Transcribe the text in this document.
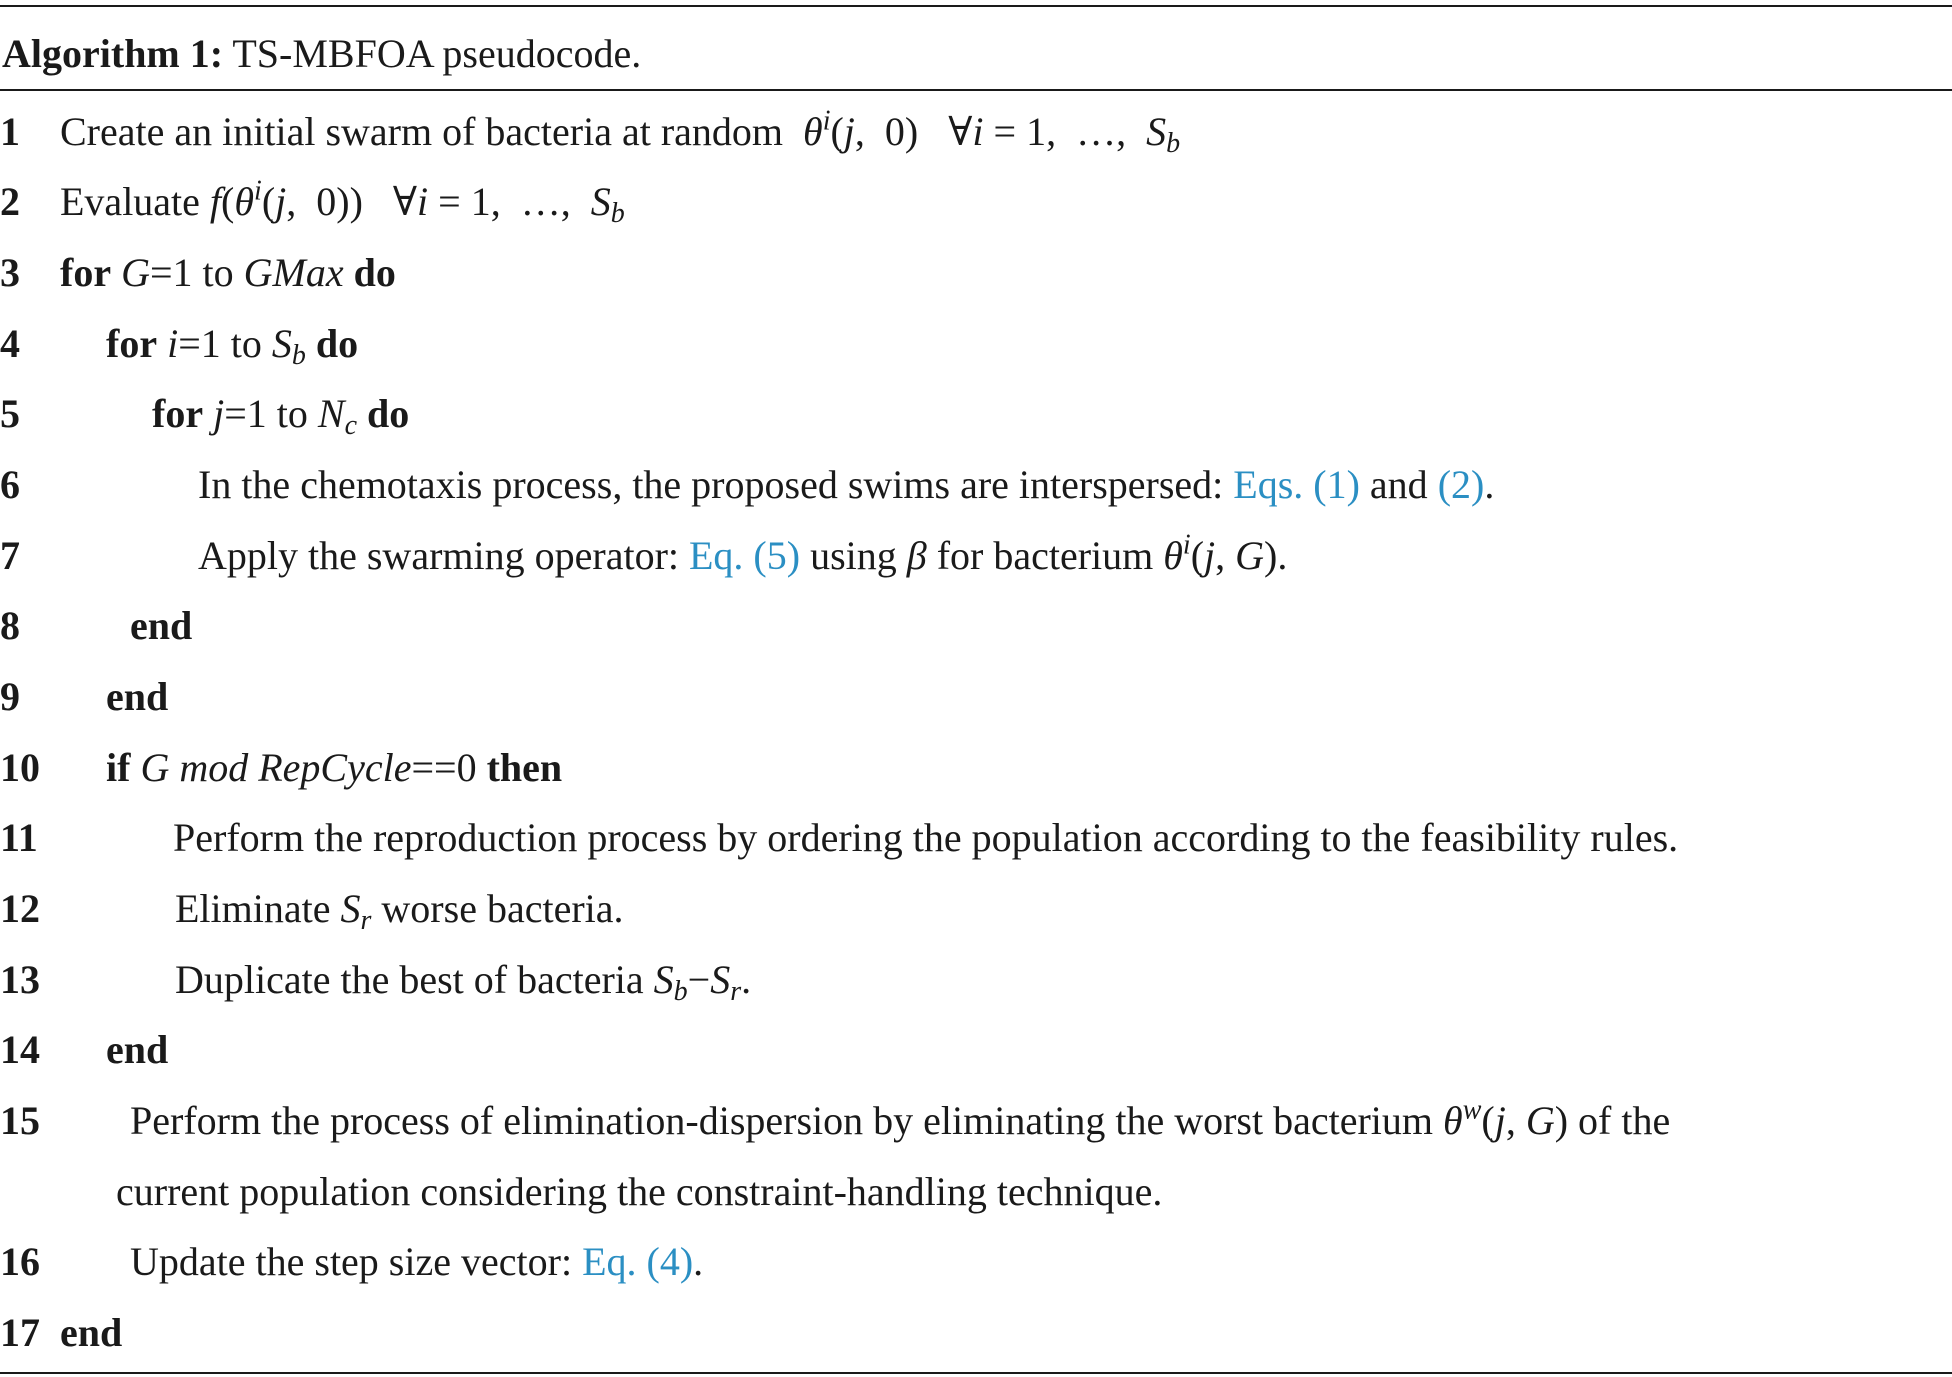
Algorithm 1: TS-MBFOA pseudocode.
1 Create an initial swarm of bacteria at random $\theta^i(j$,  0)   ∀i = 1,  …,  $S_b$
2 Evaluate $f(\theta^i(j$,  0))   ∀i = 1,  …,  $S_b$
3 for G=1 to GMax do
4 for i=1 to $S_b$ do
5	for j=1 to $N_c$ do
6	In the chemotaxis process, the proposed swims are interspersed: Eqs. (1) and (2).
7	Apply the swarming operator: Eq. (5) using β for bacterium $\theta^i(j$, G).
8	end
9 end
10 if G mod RepCycle==0 then
11	Perform the reproduction process by ordering the population according to the feasibility rules.
12	Eliminate $S_r$ worse bacteria.
13	Duplicate the best of bacteria $S_b-S_r$.
14 end
15 Perform the process of elimination-dispersion by eliminating the worst bacterium $\theta^w(j$, G) of the
current population considering the constraint-handling technique.
16 Update the step size vector: Eq. (4).
17 end
